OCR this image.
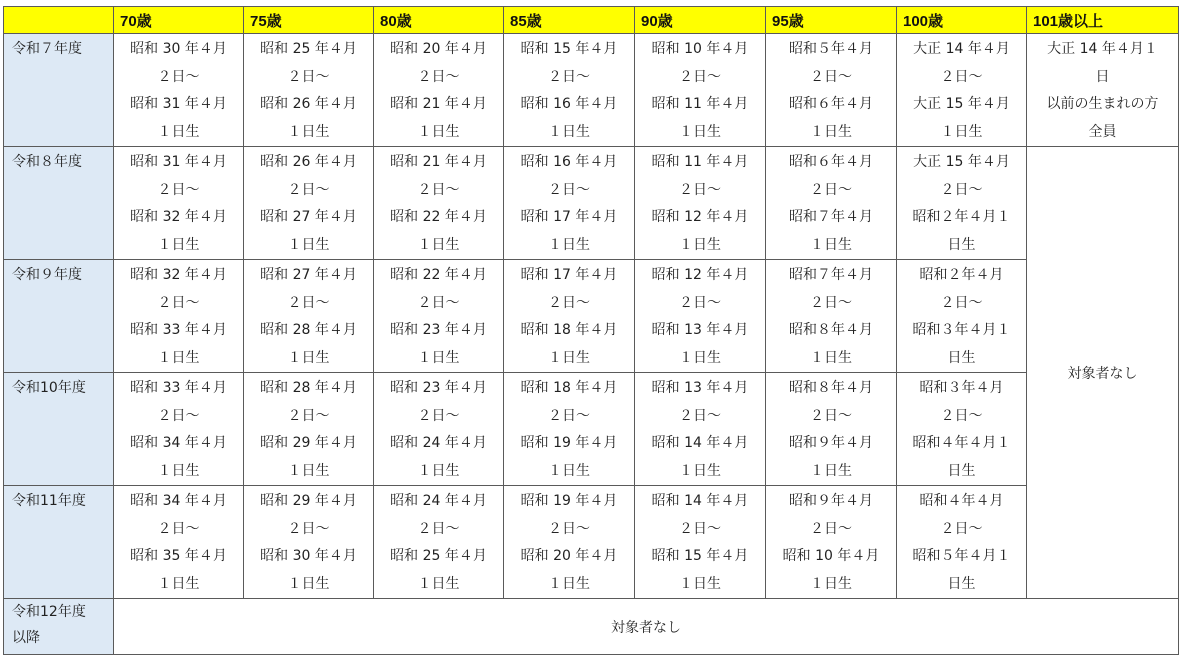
	70歳	75歳	80歳	85歳	90歳	95歳	100歳	101歳以上
令和７年度	昭和 30 年４月
２日～
昭和 31 年４月
１日生	昭和 25 年４月
２日～
昭和 26 年４月
１日生	昭和 20 年４月
２日～
昭和 21 年４月
１日生	昭和 15 年４月
２日～
昭和 16 年４月
１日生	昭和 10 年４月
２日～
昭和 11 年４月
１日生	昭和５年４月
２日～
昭和６年４月
１日生	大正 14 年４月
２日～
大正 15 年４月
１日生	大正 14 年４月１
日
以前の生まれの方
全員

令和８年度	昭和 31 年４月
２日～
昭和 32 年４月
１日生	昭和 26 年４月
２日～
昭和 27 年４月
１日生	昭和 21 年４月
２日～
昭和 22 年４月
１日生	昭和 16 年４月
２日～
昭和 17 年４月
１日生	昭和 11 年４月
２日～
昭和 12 年４月
１日生	昭和６年４月
２日～
昭和７年４月
１日生	大正 15 年４月
２日～
昭和２年４月１
日生	対象者なし
令和９年度	昭和 32 年４月
２日～
昭和 33 年４月
１日生	昭和 27 年４月
２日～
昭和 28 年４月
１日生	昭和 22 年４月
２日～
昭和 23 年４月
１日生	昭和 17 年４月
２日～
昭和 18 年４月
１日生	昭和 12 年４月
２日～
昭和 13 年４月
１日生	昭和７年４月
２日～
昭和８年４月
１日生	昭和２年４月
２日～
昭和３年４月１
日生	

令和10年度	昭和 33 年４月
２日～
昭和 34 年４月
１日生	昭和 28 年４月
２日～
昭和 29 年４月
１日生	昭和 23 年４月
２日～
昭和 24 年４月
１日生	昭和 18 年４月
２日～
昭和 19 年４月
１日生	昭和 13 年４月
２日～
昭和 14 年４月
１日生	昭和８年４月
２日～
昭和９年４月
１日生	昭和３年４月
２日～
昭和４年４月１
日生	

令和11年度	昭和 34 年４月
２日～
昭和 35 年４月
１日生	昭和 29 年４月
２日～
昭和 30 年４月
１日生	昭和 24 年４月
２日～
昭和 25 年４月
１日生	昭和 19 年４月
２日～
昭和 20 年４月
１日生	昭和 14 年４月
２日～
昭和 15 年４月
１日生	昭和９年４月
２日～
昭和 10 年４月
１日生	昭和４年４月
２日～
昭和５年４月１
日生	

令和12年度
以降	対象者なし							
